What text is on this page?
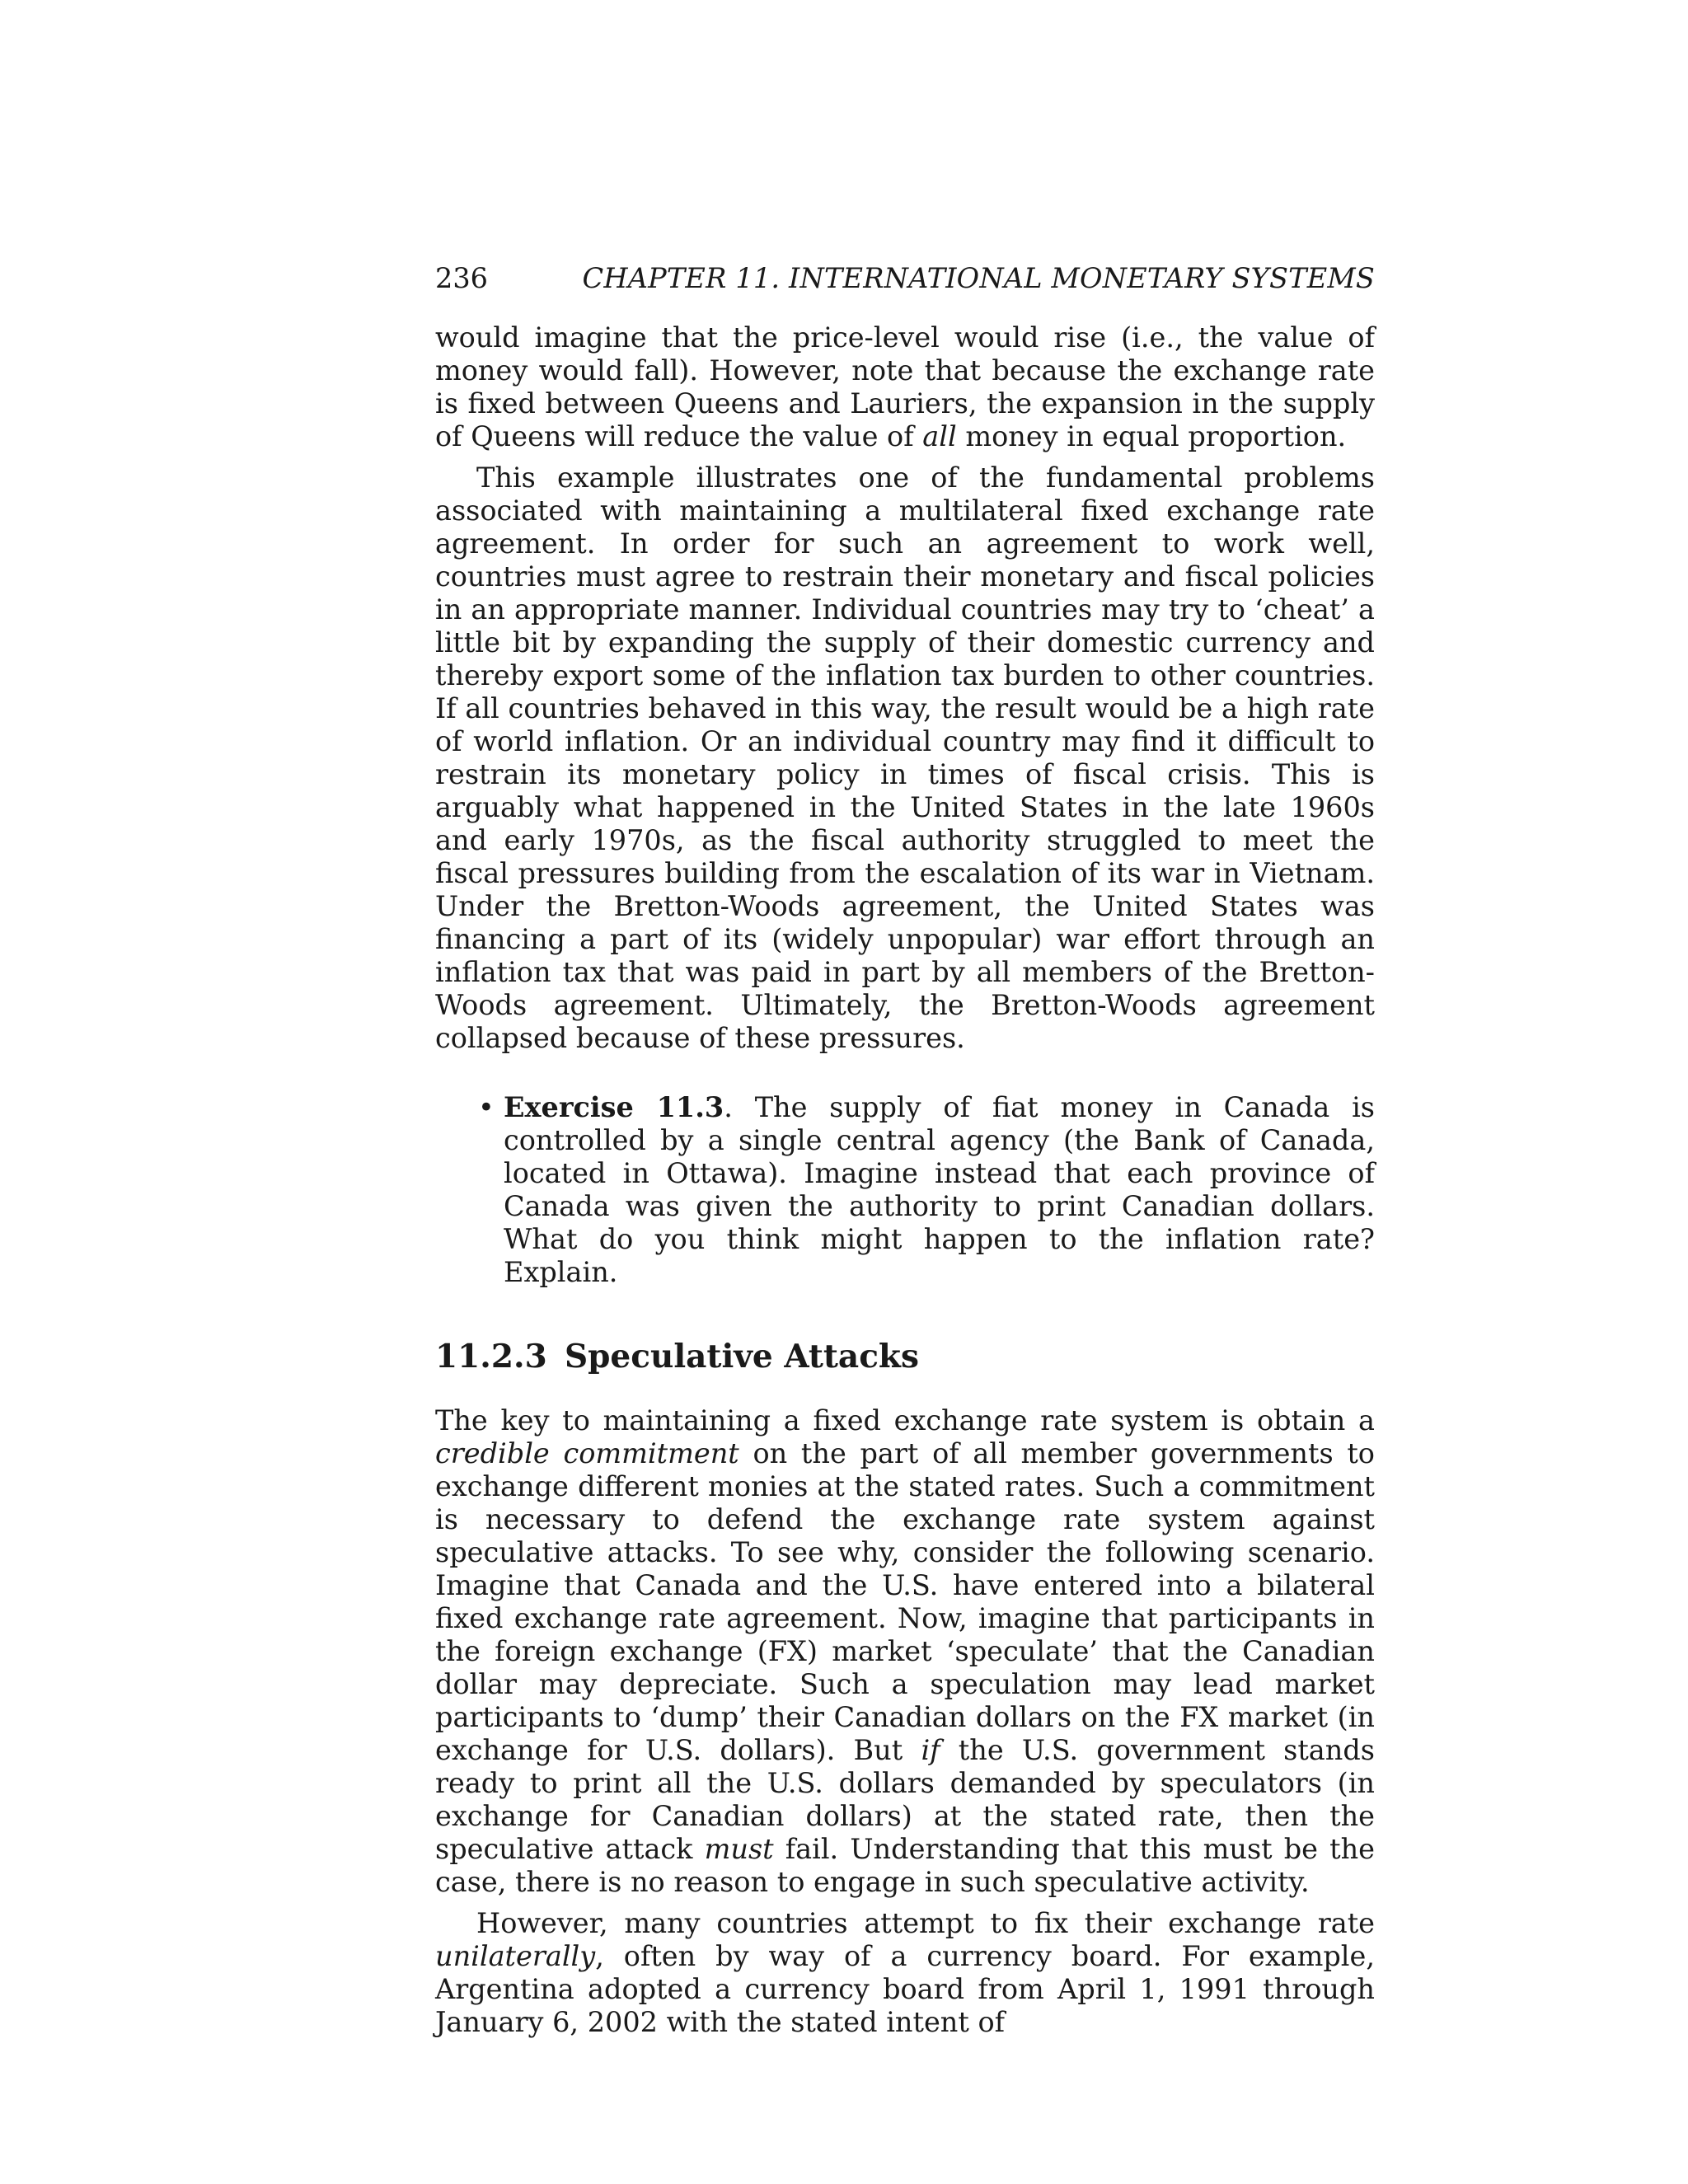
236	CHAPTER 11. INTERNATIONAL MONETARY SYSTEMS

would imagine that the price-level would rise (i.e., the value of money would fall). However, note that because the exchange rate is fixed between Queens and Lauriers, the expansion in the supply of Queens will reduce the value of all money in equal proportion.

This example illustrates one of the fundamental problems associated with maintaining a multilateral fixed exchange rate agreement. In order for such an agreement to work well, countries must agree to restrain their monetary and fiscal policies in an appropriate manner. Individual countries may try to ‘cheat’ a little bit by expanding the supply of their domestic currency and thereby export some of the inflation tax burden to other countries. If all countries behaved in this way, the result would be a high rate of world inflation. Or an individual country may find it difficult to restrain its monetary policy in times of fiscal crisis. This is arguably what happened in the United States in the late 1960s and early 1970s, as the fiscal authority struggled to meet the fiscal pressures building from the escalation of its war in Vietnam. Under the Bretton-Woods agreement, the United States was financing a part of its (widely unpopular) war effort through an inflation tax that was paid in part by all members of the Bretton-Woods agreement. Ultimately, the Bretton-Woods agreement collapsed because of these pressures.

• Exercise 11.3. The supply of fiat money in Canada is controlled by a single central agency (the Bank of Canada, located in Ottawa). Imagine instead that each province of Canada was given the authority to print Canadian dollars. What do you think might happen to the inflation rate? Explain.

11.2.3 Speculative Attacks

The key to maintaining a fixed exchange rate system is obtain a credible commitment on the part of all member governments to exchange different monies at the stated rates. Such a commitment is necessary to defend the exchange rate system against speculative attacks. To see why, consider the following scenario. Imagine that Canada and the U.S. have entered into a bilateral fixed exchange rate agreement. Now, imagine that participants in the foreign exchange (FX) market ‘speculate’ that the Canadian dollar may depreciate. Such a speculation may lead market participants to ‘dump’ their Canadian dollars on the FX market (in exchange for U.S. dollars). But if the U.S. government stands ready to print all the U.S. dollars demanded by speculators (in exchange for Canadian dollars) at the stated rate, then the speculative attack must fail. Understanding that this must be the case, there is no reason to engage in such speculative activity.

However, many countries attempt to fix their exchange rate unilaterally, often by way of a currency board. For example, Argentina adopted a currency board from April 1, 1991 through January 6, 2002 with the stated intent of
